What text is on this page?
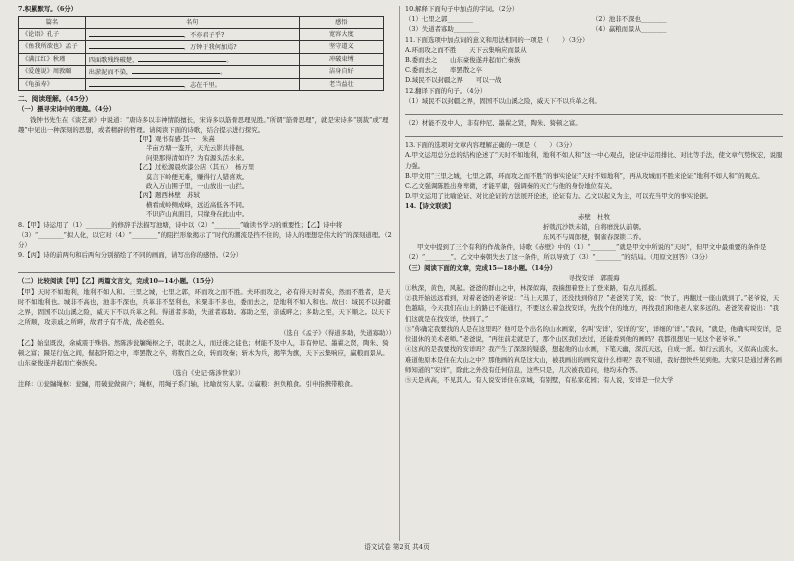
7.积累默写。（6分）
篇名	名句	感悟
《论语》孔子	，不亦君子乎?	宽容大度
《鱼我所欲也》孟子	，万钟于我何加焉?	坚守道义
《满江红》秋瑾	四面歌残终破楚， 。	冲破束缚
《爱莲说》周敦颐	出淤泥而不染， 。	洁身自好
《龟虽寿》	，志在千里。	老当益壮
二、阅读理解。（45分）
（一）摄寻宋诗中的理趣。（4分）

钱钟书先生在《谈艺录》中说道：“唐诗多以丰神情韵擅长，宋诗多以筋骨思理见胜。”所谓“筋骨思理”，就是宋诗多“别裁”或“理趣”中见出一种深刻的思想，或者精辟的哲理。请阅读下面的诗歌，结合提示进行探究。

【甲】观书有感·其一　朱熹
半亩方塘一鉴开，天光云影共徘徊。
问渠那得清如许？为有源头活水来。
【乙】过松源晨炊漆公店（其五）　杨万里
莫言下岭便无难，赚得行人错喜欢。
政入万山围子里，一山放出一山拦。
【丙】题西林壁　苏轼
横看成岭侧成峰，远近高低各不同。
不识庐山真面目，只缘身在此山中。

8.【甲】诗运用了（1）________的修辞手法描写池塘，诗中以（2）“________”喻读书学习的重要性；【乙】诗中将（3）“________”拟人化，以它对（4）“________”的阻拦形象揭示了“时代的潮流是挡不住的，诗人的理想是伟大的”的深刻道理。（2分）

9.【丙】诗的前两句和后两句分别描绘了不同的画面，请写出你的感悟。（2分）

（二）比较阅读【甲】【乙】两篇文言文，完成10—14小题。（15分）

【甲】天时不如地利，地利不如人和。三里之城，七里之郭，环而攻之而不胜。夫环而攻之，必有得天时者矣，然而不胜者，是天时不如地利也。城非不高也，池非不深也，兵革非不坚利也，米粟非不多也，委而去之，是地利不如人和也。故曰：域民不以封疆之界，固国不以山溪之险，威天下不以兵革之利。得道者多助，失道者寡助。寡助之至，亲戚畔之；多助之至，天下顺之。以天下之所顺，攻亲戚之所畔，故君子有不战，战必胜矣。

（选自《孟子》（得道多助，失道寡助））

【乙】始皇既没，余威震于殊俗。然陈涉瓮牖绳枢之子，氓隶之人，而迁徙之徒也；材能不及中人，非有仲尼、墨翟之贤，陶朱、猗顿之富；蹑足行伍之间，倔起阡陌之中，率罢散之卒，将数百之众，转而攻秦；斩木为兵，揭竿为旗，天下云集响应，赢粮而景从。山东豪俊遂并起而亡秦族矣。

（选自《史记·陈涉世家》）

注释：①瓮牖绳枢：瓮牖，用破瓮做窗户；绳枢，用绳子系门轴，比喻贫穷人家。②赢粮：担负粮食。引申指携带粮食。

10.解释下面句子中加点的字词。（2分）
（1）七里之郭________	（2）池非不深也________
（3）失道者寡助________	（4）赢粮而景从________
11.下面选项中加点词的意义和用法相同的一项是（　　）（3分）
A.环而攻之而不胜　　天下云集响应而景从
B.委而去之　　山东豪俊遂并起而亡秦族
C.委而去之　　率罢散之卒
D.域民不以封疆之界　　可以一战
12.翻译下面的句子。（4分）
（1）域民不以封疆之界，固国不以山溪之险，威天下不以兵革之利。
（2）材能不及中人，非有仲尼、墨翟之贤，陶朱、猗顿之富。
13.下面的选项对文章内容理解正确的一项是（　　）（3分）

A.甲文运用总分总的结构论述了“天时不如地利，地利不如人和”这一中心观点，论证中运用排比、对比等手法，使文章气势恢宏，说服力强。

B.甲文用“三里之城，七里之郭，环而攻之而不胜”的事实论证“天时不如地利”，再从攻城而不胜来论证“地利不如人和”的观点。

C.乙文强调陈胜出身卑微，才能平庸，强调秦的灭亡与他的身份地位有关。

D.甲文运用了比喻论证、对比论证的方法展开论述，论证有力。乙文以起义为主，可以充当甲文的事实论据。

14.【诗文联读】
赤壁　杜牧
折戟沉沙铁未销，自将磨洗认前朝。
东风不与周郎便，铜雀春深锁二乔。

甲文中提到了三个有利的作战条件，诗歌《赤壁》中的（1）“________”就是甲文中所说的“天时”，但甲文中最重要的条件是（2）“________”。乙文中秦朝失去了这一条件，所以导致了（3）“________”的结局。（用原文回答）（3分）

（三）阅读下面的文章，完成15—18小题。（14分）
寻找安详　郭震海

①秋深，黄色，风起。爸爸的群山之中，林深似海，我揣想着登上了登来路，有点儿摇摇。

②我开始远远看到，对着老爸的老爷说：“马上天黑了，还没找到你们？”老爸笑了笑，说：“快了，再翻过一座山就到了。”老爷说，天色越暗，今天我们在山上的路已不能通行，不要这么着急找安详，先找个住的地方，再找我们和他老人家多远的。老爸笑着说出：“我们这就是在找安详，快到了。”

③“你确定我要找的人是在这里吗？他可是个出名的山水画家，名叫‘安详’，安详的‘安’，详细的‘详’。”我问，“就是，他确实叫安详，是位退休的美术老师。”老爸说，“再往前走就是了，那个山区我们去过，还能看到他的画吗？我都很想见一见这个老爷爷。”

④这真的是我要找的安详吗？我产生了深深的疑惑，想起他的山水画，下笔天幽，深沉天远，自成一派。如行云流水，又似高山流水。难道他原本是住在大山之中？那他画的真是这大山，被我画出的画究竟什么样呢？我不知道，我好想快些见到他。大家只是通过著名画师知道的“安详”，除此之外没有任何信息，这些只是，几次被我追问，他均未作答。

⑤天是真高，不见其人。有人说安详住在京城，有别墅，有私家花园；有人说，安详是一位大学

语文试卷 第2页 共4页
